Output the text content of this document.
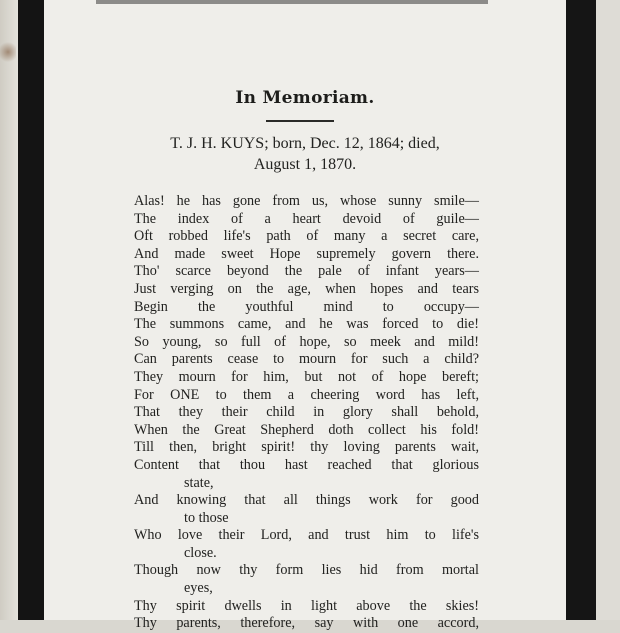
In Memoriam.
T. J. H. KUYS; born, Dec. 12, 1864; died,
August 1, 1870.
Alas! he has gone from us, whose sunny smile—
The index of a heart devoid of guile—
Oft robbed life's path of many a secret care,
And made sweet Hope supremely govern there.
Tho' scarce beyond the pale of infant years—
Just verging on the age, when hopes and tears
Begin the youthful mind to occupy—
The summons came, and he was forced to die!
So young, so full of hope, so meek and mild!
Can parents cease to mourn for such a child?
They mourn for him, but not of hope bereft;
For ONE to them a cheering word has left,
That they their child in glory shall behold,
When the Great Shepherd doth collect his fold!
Till then, bright spirit! thy loving parents wait,
Content that thou hast reached that glorious
state,
And knowing that all things work for good
to those
Who love their Lord, and trust him to life's
close.
Though now thy form lies hid from mortal
eyes,
Thy spirit dwells in light above the skies!
Thy parents, therefore, say with one accord,
